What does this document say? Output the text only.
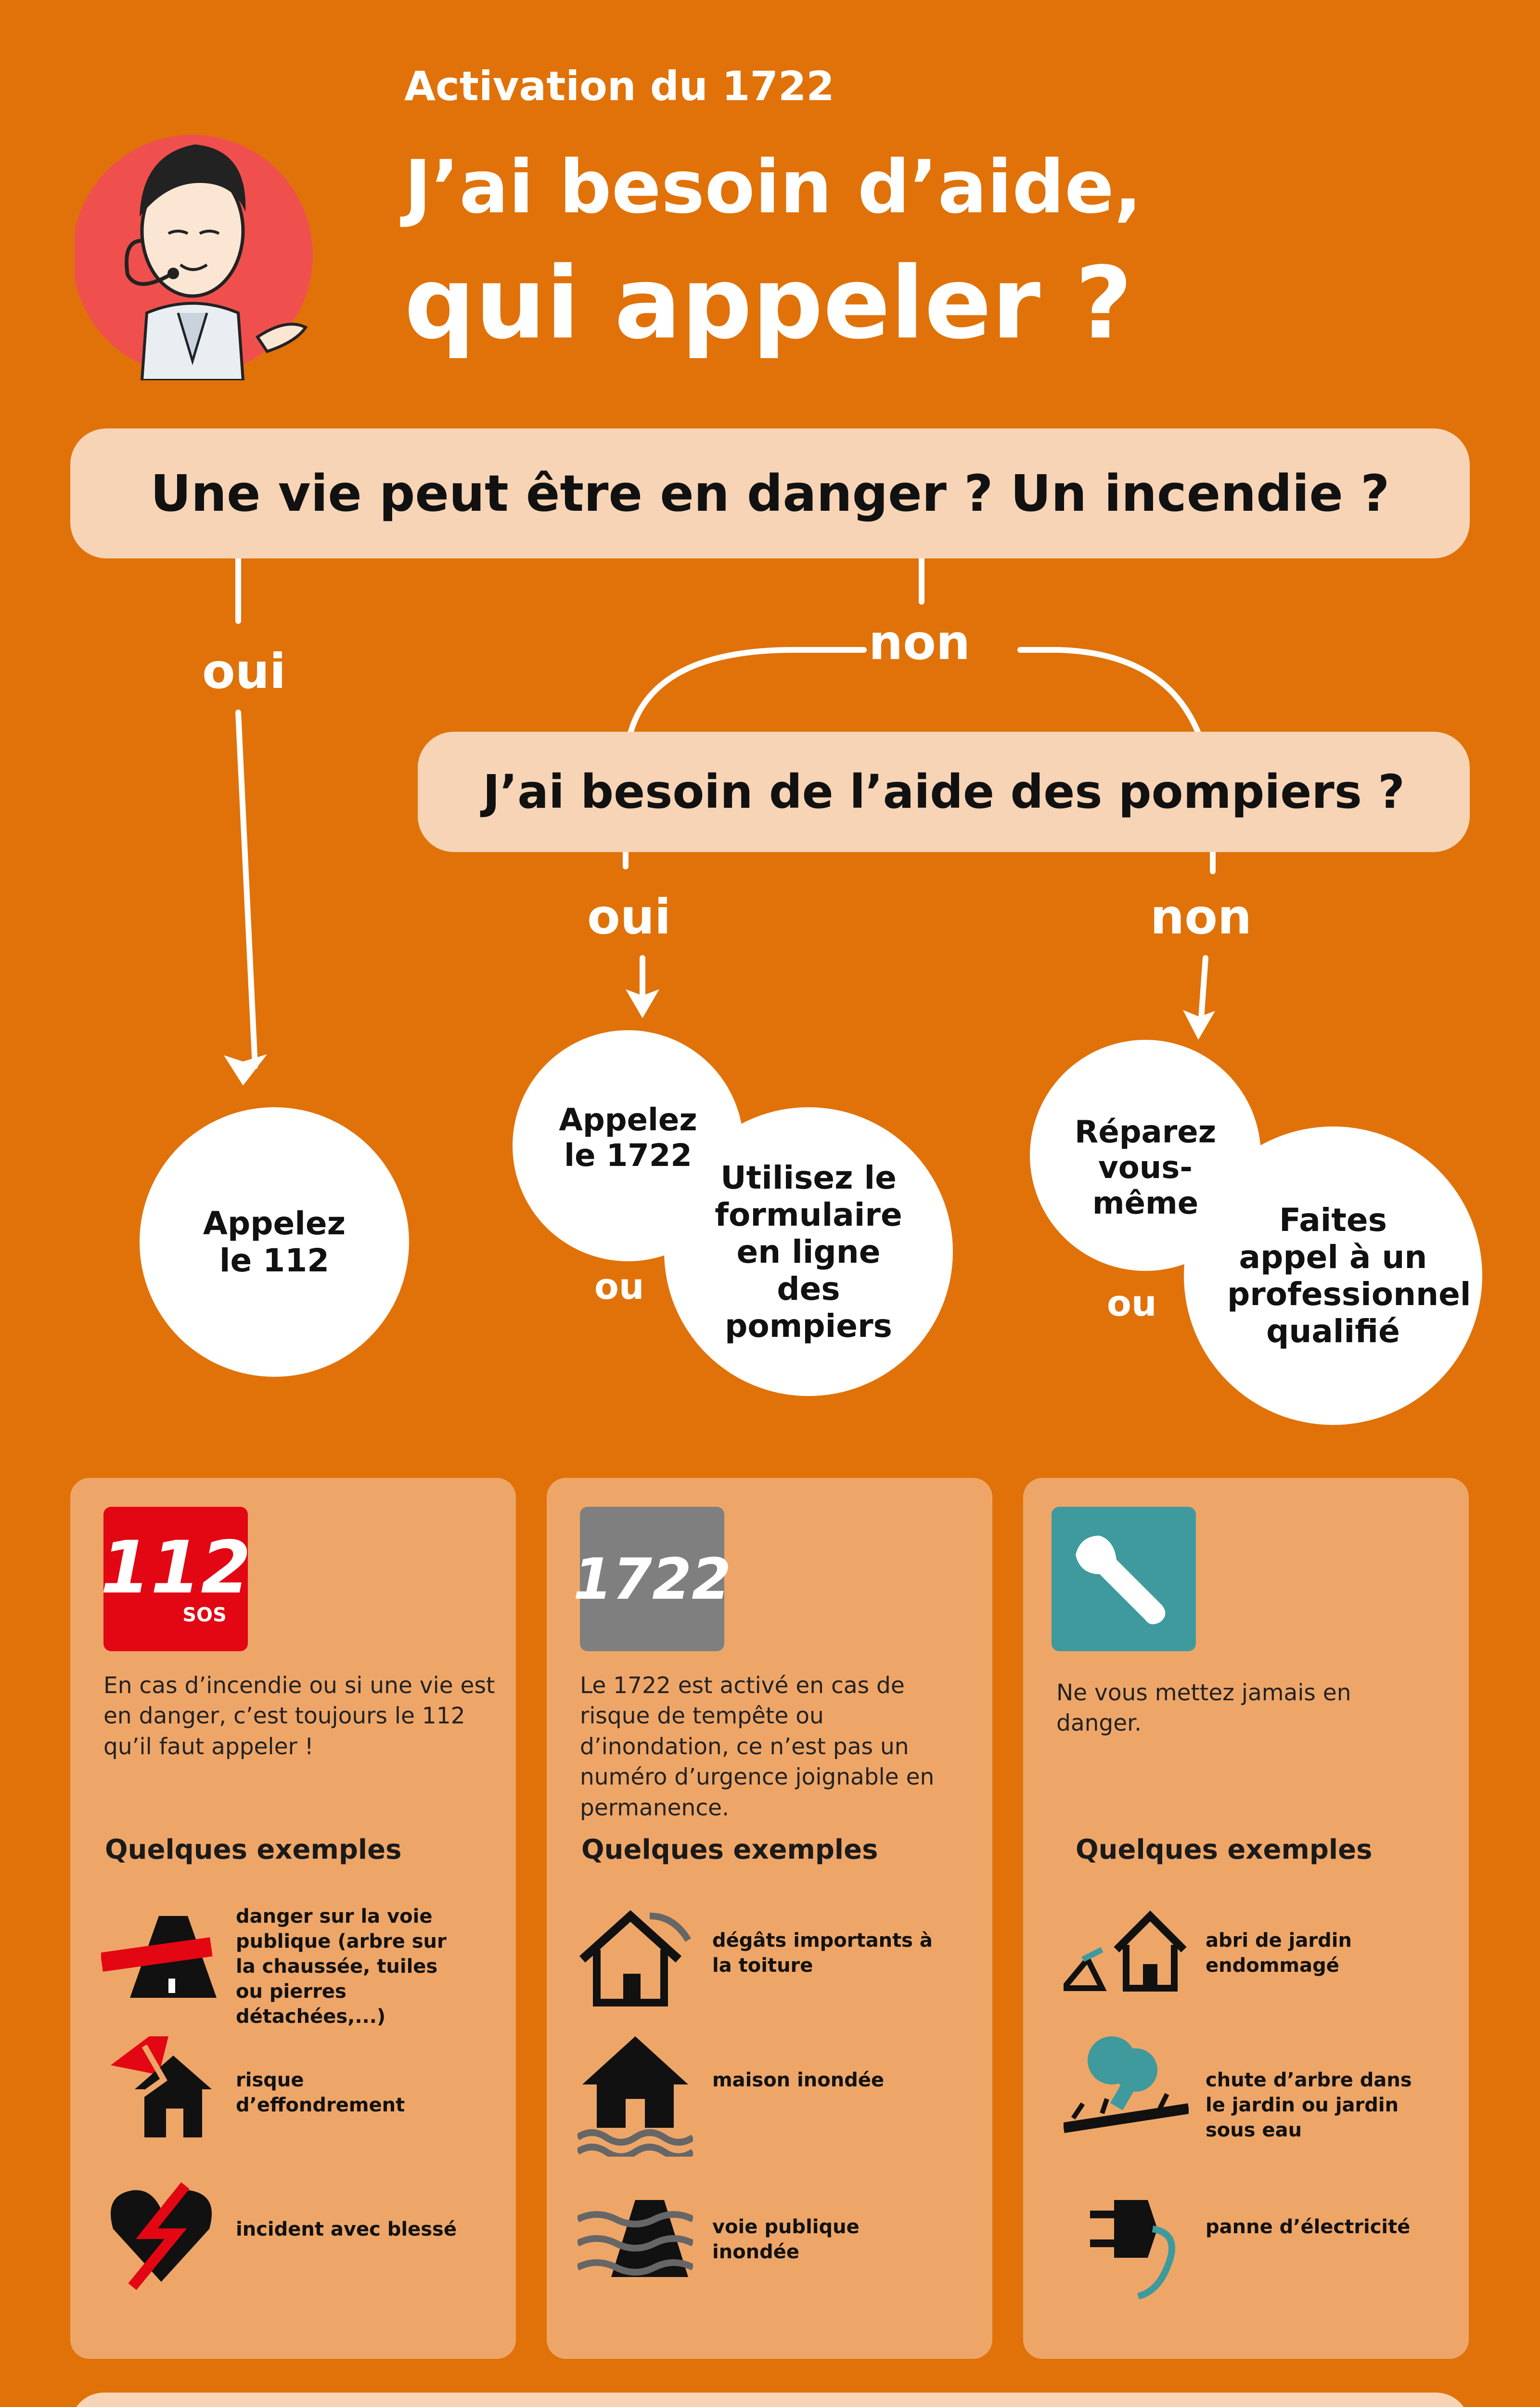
Activation du 1722
J’ai besoin d’aide,
qui appeler ?
Une vie peut être en danger ? Un incendie ?
J’ai besoin de l’aide des pompiers ?
oui
non
oui	non
Appelez le 112
Appelez le 1722
Utilisez le formulaire en ligne des pompiers
ou
Réparez vous-même	Faites appel à un professionnel qualifié
ou
112
SOS
En cas d’incendie ou si une vie est en danger, c’est toujours le 112 qu’il faut appeler !
Quelques exemples
danger sur la voie publique (arbre sur la chaussée, tuiles ou pierres détachées,...)
risque d’effondrement
incident avec blessé
1722
Le 1722 est activé en cas de risque de tempête ou d’inondation, ce n’est pas un numéro d’urgence joignable en permanence.
Quelques exemples
dégâts importants à la toiture
maison inondée
voie publique inondée
Ne vous mettez jamais en danger.
Quelques exemples
abri de jardin endommagé
chute d’arbre dans le jardin ou jardin sous eau
panne d’électricité
